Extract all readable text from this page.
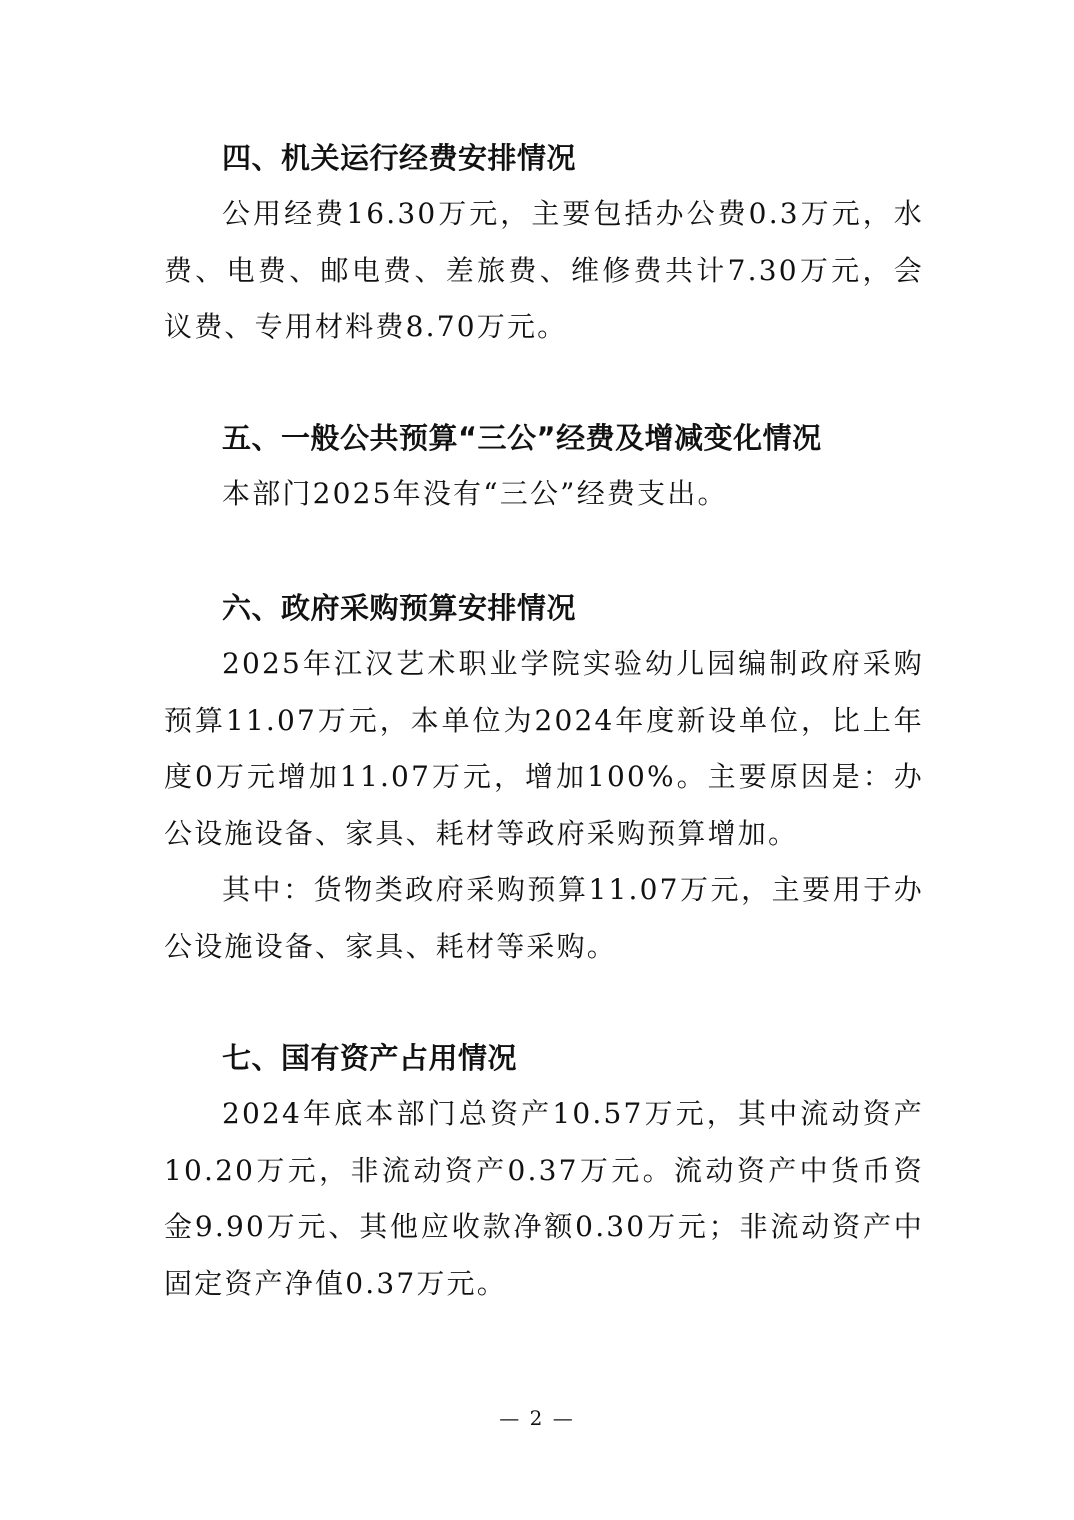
四、机关运行经费安排情况

公用经费16.30万元，主要包括办公费0.3万元，水费、电费、邮电费、差旅费、维修费共计7.30万元，会议费、专用材料费8.70万元。

五、一般公共预算“三公”经费及增减变化情况

本部门2025年没有“三公”经费支出。

六、政府采购预算安排情况

2025年江汉艺术职业学院实验幼儿园编制政府采购预算11.07万元，本单位为2024年度新设单位，比上年度0万元增加11.07万元，增加100%。主要原因是：办公设施设备、家具、耗材等政府采购预算增加。

其中：货物类政府采购预算11.07万元，主要用于办公设施设备、家具、耗材等采购。

七、国有资产占用情况

2024年底本部门总资产10.57万元，其中流动资产10.20万元，非流动资产0.37万元。流动资产中货币资金9.90万元、其他应收款净额0.30万元；非流动资产中固定资产净值0.37万元。

— 2 —
